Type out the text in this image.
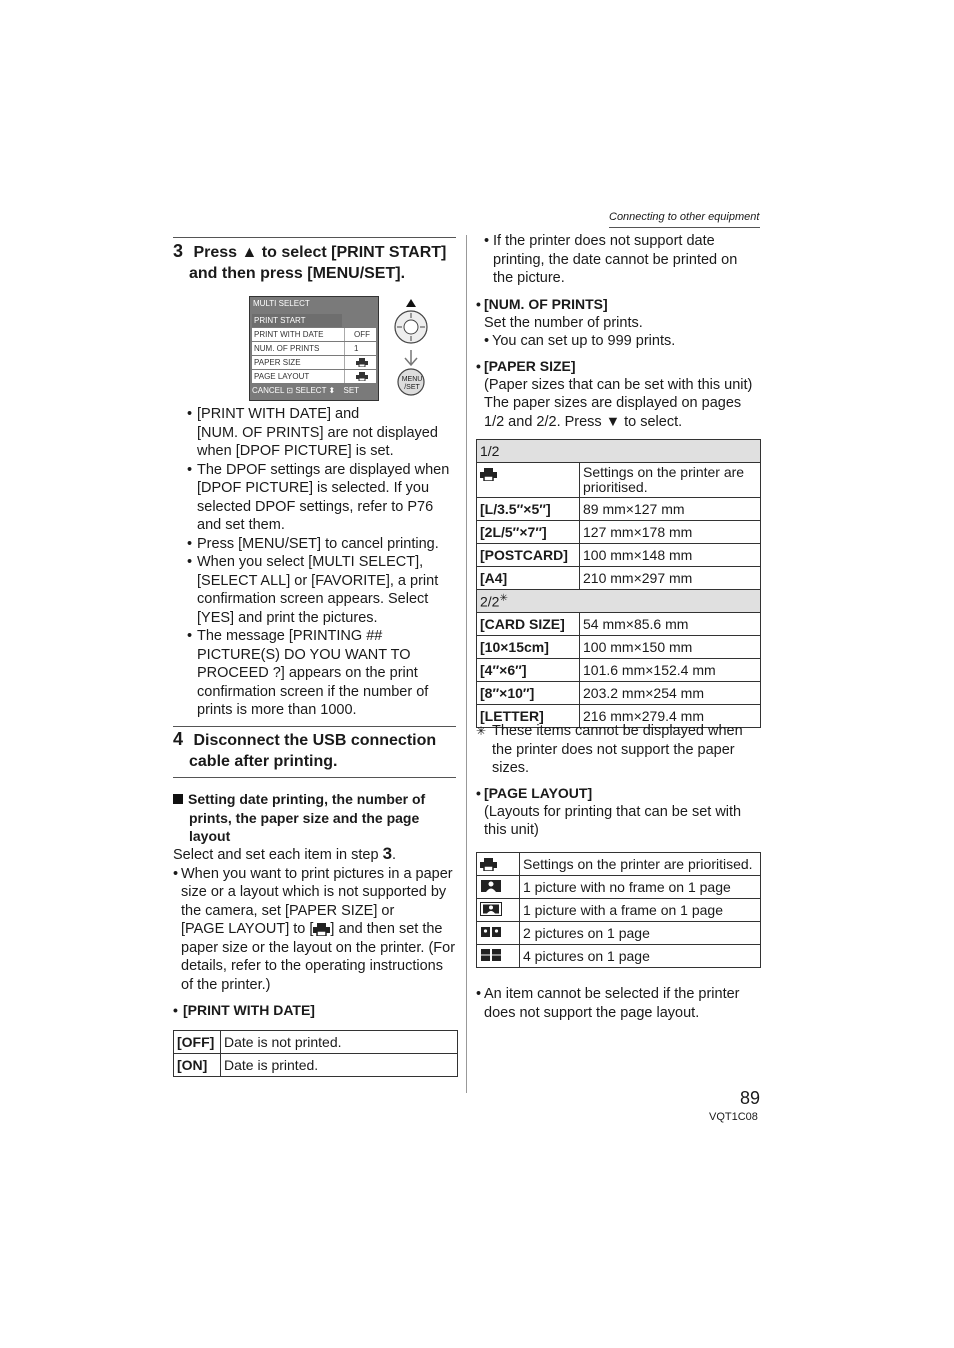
Connecting to other equipment
3 Press ▲ to select [PRINT START]
and then press [MENU/SET].
MULTI SELECT
PRINT START
PRINT WITH DATE	OFF
NUM. OF PRINTS	1
PAPER SIZE
PAGE LAYOUT
CANCEL ⊡ SELECT ⬍ SET
MENU /SET
• [PRINT WITH DATE] and
[NUM. OF PRINTS] are not displayed
when [DPOF PICTURE] is set.
• The DPOF settings are displayed when
[DPOF PICTURE] is selected. If you
selected DPOF settings, refer to P76
and set them.
• Press [MENU/SET] to cancel printing.
• When you select [MULTI SELECT],
[SELECT ALL] or [FAVORITE], a print
confirmation screen appears. Select
[YES] and print the pictures.
• The message [PRINTING ##
PICTURE(S) DO YOU WANT TO
PROCEED ?] appears on the print
confirmation screen if the number of
prints is more than 1000.
4 Disconnect the USB connection
cable after printing.
Setting date printing, the number of
prints, the paper size and the page
layout
Select and set each item in step 3.
• When you want to print pictures in a paper
size or a layout which is not supported by
the camera, set [PAPER SIZE] or
[PAGE LAYOUT] to [ ] and then set the
paper size or the layout on the printer. (For
details, refer to the operating instructions
of the printer.)
• [PRINT WITH DATE]
[OFF]	Date is not printed.
[ON]	Date is printed.
• If the printer does not support date
printing, the date cannot be printed on
the picture.
• [NUM. OF PRINTS]
Set the number of prints.
• You can set up to 999 prints.
• [PAPER SIZE]
(Paper sizes that can be set with this unit)
The paper sizes are displayed on pages
1/2 and 2/2. Press ▼ to select.
1/2	
	Settings on the printer are prioritised.
[L/3.5″×5″]	89 mm×127 mm
[2L/5″×7″]	127 mm×178 mm
[POSTCARD]	100 mm×148 mm
[A4]	210 mm×297 mm
2/2✳
[CARD SIZE]	54 mm×85.6 mm
[10×15cm]	100 mm×150 mm
[4″×6″]	101.6 mm×152.4 mm
[8″×10″]	203.2 mm×254 mm
[LETTER]	216 mm×279.4 mm
✳ These items cannot be displayed when
the printer does not support the paper
sizes.
• [PAGE LAYOUT]
(Layouts for printing that can be set with
this unit)
	Settings on the printer are prioritised.
	1 picture with no frame on 1 page
	1 picture with a frame on 1 page
	2 pictures on 1 page
	4 pictures on 1 page
• An item cannot be selected if the printer
does not support the page layout.
89
VQT1C08
